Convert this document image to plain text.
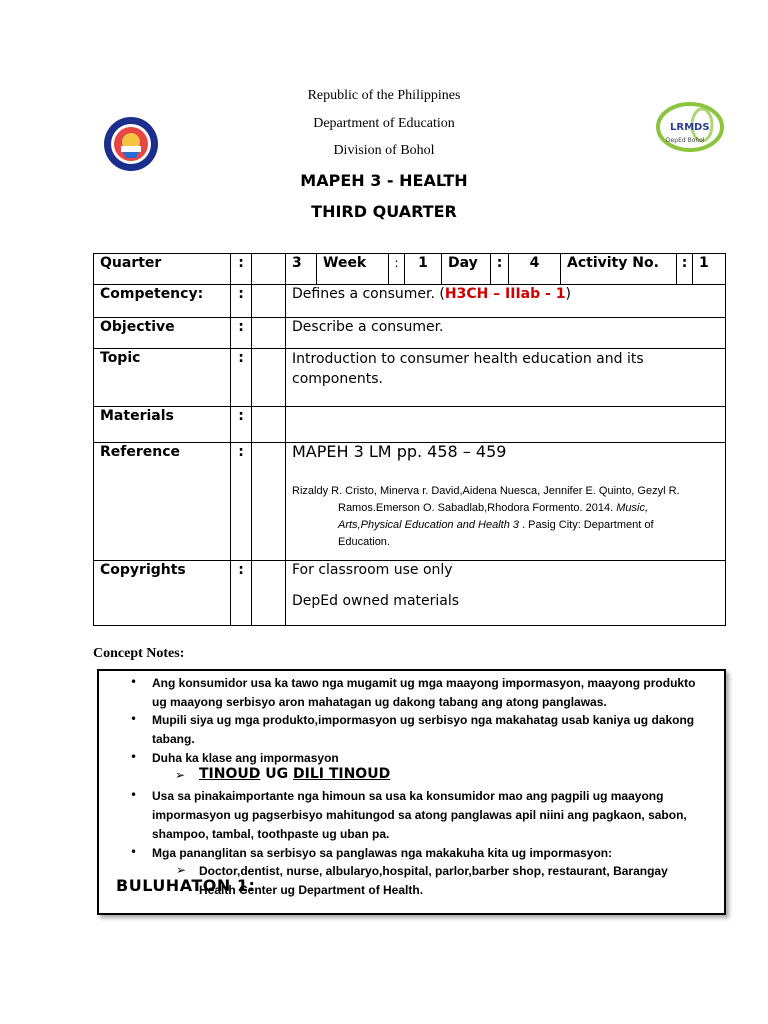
Republic of the Philippines
Department of Education
Division of Bohol
MAPEH 3 - HEALTH
THIRD QUARTER
LRMDS
DepEd Bohol
Quarter	:		3	Week	:	1	Day	:	4	Activity No.	:	1
Competency:	:		Defines a consumer. (H3CH – IIIab - 1)									
Objective	:		Describe a consumer.									
Topic	:		Introduction to consumer health education and its components.									
Materials	:											
Reference	:		MAPEH 3 LM pp. 458 – 459
Rizaldy R. Cristo, Minerva r. David,Aidena Nuesca, Jennifer E. Quinto, Gezyl R.
Ramos.Emerson O. Sabadlab,Rhodora Formento. 2014. Music,
Arts,Physical Education and Health 3 . Pasig City: Department of
Education.									

Copyrights	:		For classroom use only
DepEd owned materials									
Concept Notes:
• Ang konsumidor usa ka tawo nga mugamit ug mga maayong impormasyon, maayong produkto
ug maayong serbisyo aron mahatagan ug dakong tabang ang atong panglawas.
• Mupili siya ug mga produkto,impormasyon ug serbisyo nga makahatag usab kaniya ug dakong
tabang.
• Duha ka klase ang impormasyon
➢ TINOUD UG DILI TINOUD
• Usa sa pinakaimportante nga himoun sa usa ka konsumidor mao ang pagpili ug maayong
impormasyon ug pagserbisyo mahitungod sa atong panglawas apil niini ang pagkaon, sabon,
shampoo, tambal, toothpaste ug uban pa.
• Mga pananglitan sa serbisyo sa panglawas nga makakuha kita ug impormasyon:
➢ Doctor,dentist, nurse, albularyo,hospital, parlor,barber shop, restaurant, Barangay
Health Center ug Department of Health.
BULUHATON 1:
